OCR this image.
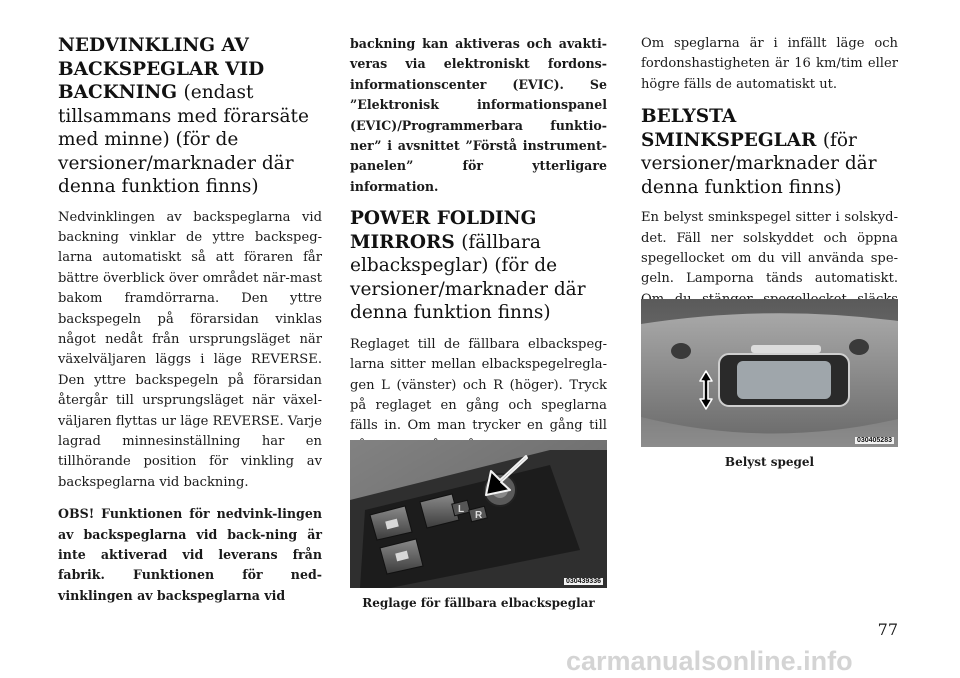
NEDVINKLING AV BACKSPEGLAR VID BACKNING (endast tillsammans med förarsäte med minne) (för de versioner/marknader där denna funktion finns)

Nedvinklingen av backspeglarna vid backning vinklar de yttre backspeg-larna automatiskt så att föraren får bättre överblick över området när-mast bakom framdörrarna. Den yttre backspegeln på förarsidan vinklas något nedåt från ursprungsläget när växelväljaren läggs i läge REVERSE. Den yttre backspegeln på förarsidan återgår till ursprungsläget när växel-väljaren flyttas ur läge REVERSE. Varje lagrad minnesinställning har en tillhörande position för vinkling av backspeglarna vid backning.

OBS! Funktionen för nedvink-lingen av backspeglarna vid back-ning är inte aktiverad vid leverans från fabrik. Funktionen för ned-vinklingen av backspeglarna vid

backning kan aktiveras och avakti-veras via elektroniskt fordons-informationscenter (EVIC). Se ”Elektronisk informationspanel (EVIC)/Programmerbara funktio-ner” i avsnittet ”Förstå instrument-panelen” för ytterligare information.

POWER FOLDING MIRRORS (fällbara elbackspeglar) (för de versioner/marknader där denna funktion finns)

Reglaget till de fällbara elbackspeg-larna sitter mellan elbackspegelregla-gen L (vänster) och R (höger). Tryck på reglaget en gång och speglarna fälls in. Om man trycker en gång till

Om speglarna är i infällt läge och fordonshastigheten är 16 km/tim eller högre fälls de automatiskt ut.

BELYSTA SMINKSPEGLAR (för versioner/marknader där denna funktion finns)

En belyst sminkspegel sitter i solskyd-det. Fäll ner solskyddet och öppna spegellocket om du vill använda spe-geln. Lamporna tänds automatiskt.

L
R
030439336
Reglage för fällbara elbackspeglar
030405283
Belyst spegel
77
carmanualsonline.info
